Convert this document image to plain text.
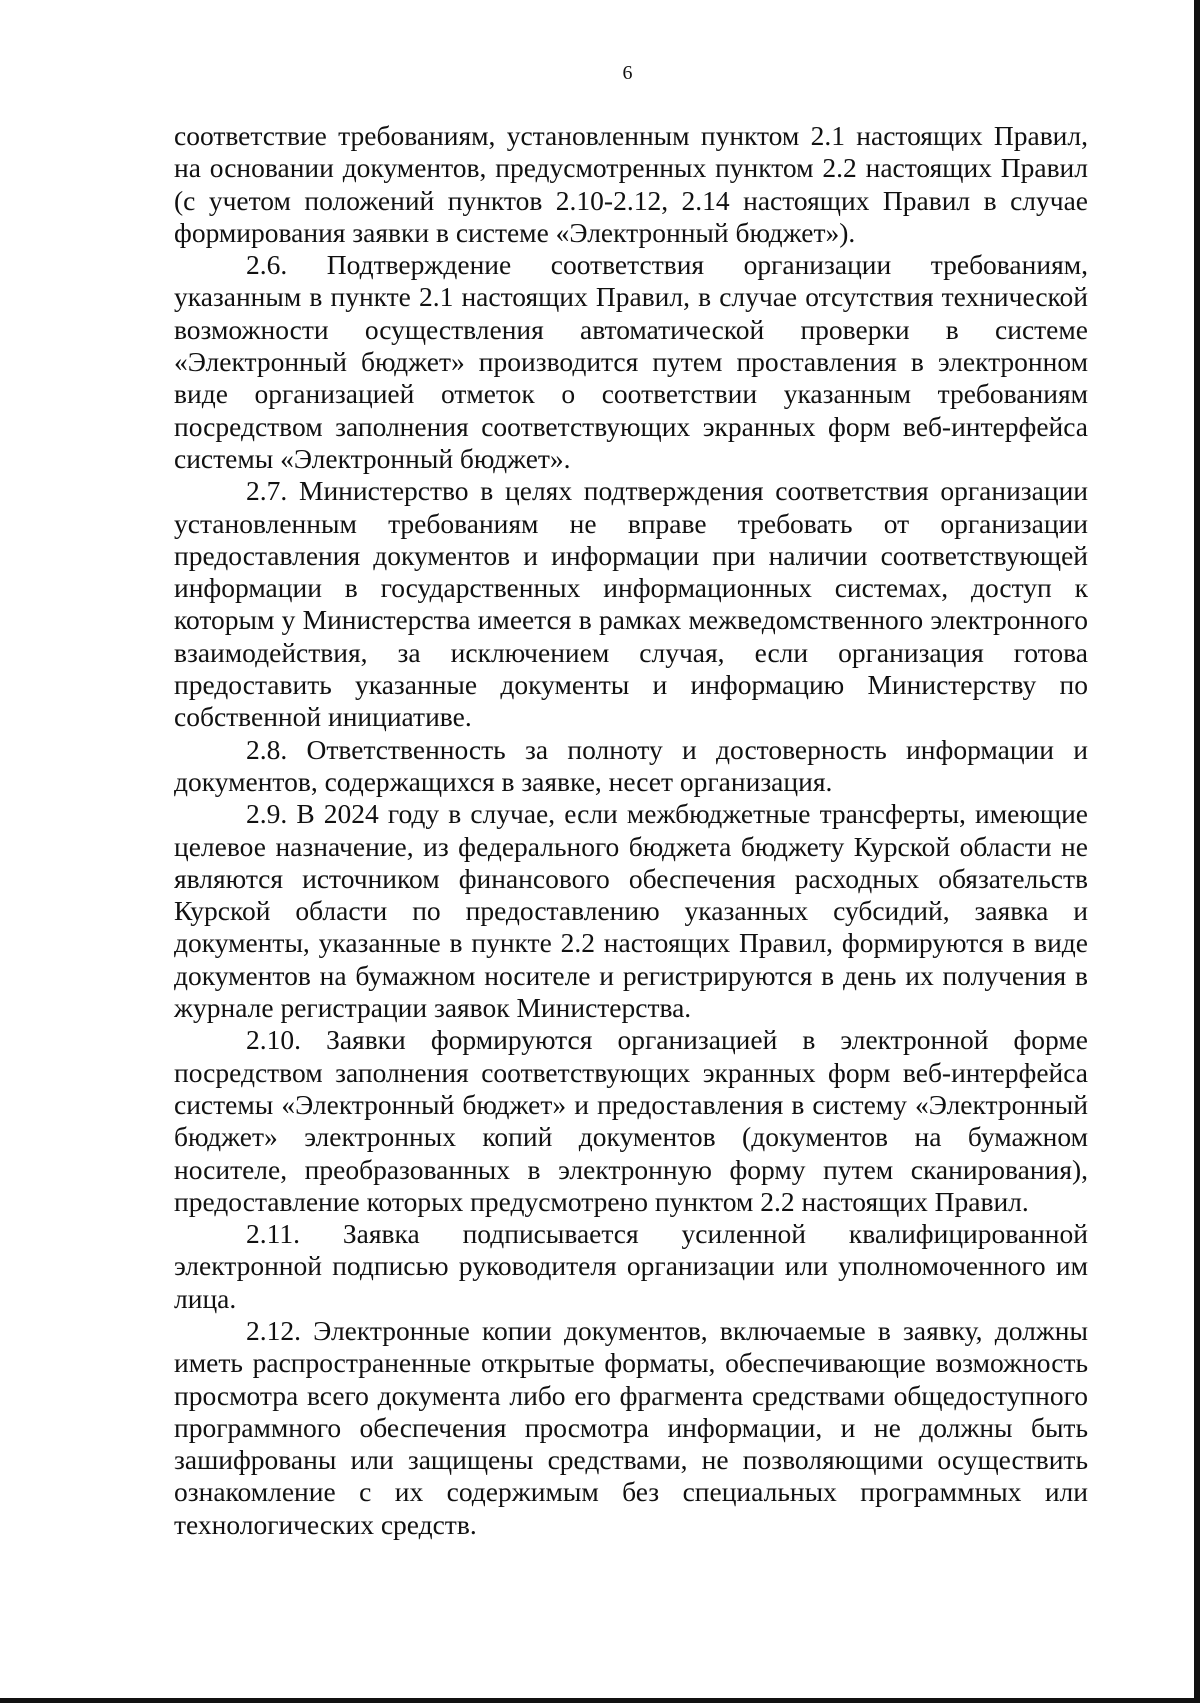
6

соответствие требованиям, установленным пунктом 2.1 настоящих Правил, на основании документов, предусмотренных пунктом 2.2 настоящих Правил (с учетом положений пунктов 2.10-2.12, 2.14 настоящих Правил в случае формирования заявки в системе «Электронный бюджет»).

2.6. Подтверждение соответствия организации требованиям, указанным в пункте 2.1 настоящих Правил, в случае отсутствия технической возможности осуществления автоматической проверки в системе «Электронный бюджет» производится путем проставления в электронном виде организацией отметок о соответствии указанным требованиям посредством заполнения соответствующих экранных форм веб-интерфейса системы «Электронный бюджет».

2.7. Министерство в целях подтверждения соответствия организации установленным требованиям не вправе требовать от организации предоставления документов и информации при наличии соответствующей информации в государственных информационных системах, доступ к которым у Министерства имеется в рамках межведомственного электронного взаимодействия, за исключением случая, если организация готова предоставить указанные документы и информацию Министерству по собственной инициативе.

2.8. Ответственность за полноту и достоверность информации и документов, содержащихся в заявке, несет организация.

2.9. В 2024 году в случае, если межбюджетные трансферты, имеющие целевое назначение, из федерального бюджета бюджету Курской области не являются источником финансового обеспечения расходных обязательств Курской области по предоставлению указанных субсидий, заявка и документы, указанные в пункте 2.2 настоящих Правил, формируются в виде документов на бумажном носителе и регистрируются в день их получения в журнале регистрации заявок Министерства.

2.10. Заявки формируются организацией в электронной форме посредством заполнения соответствующих экранных форм веб-интерфейса системы «Электронный бюджет» и предоставления в систему «Электронный бюджет» электронных копий документов (документов на бумажном носителе, преобразованных в электронную форму путем сканирования), предоставление которых предусмотрено пунктом 2.2 настоящих Правил.

2.11. Заявка подписывается усиленной квалифицированной электронной подписью руководителя организации или уполномоченного им лица.

2.12. Электронные копии документов, включаемые в заявку, должны иметь распространенные открытые форматы, обеспечивающие возможность просмотра всего документа либо его фрагмента средствами общедоступного программного обеспечения просмотра информации, и не должны быть зашифрованы или защищены средствами, не позволяющими осуществить ознакомление с их содержимым без специальных программных или технологических средств.
